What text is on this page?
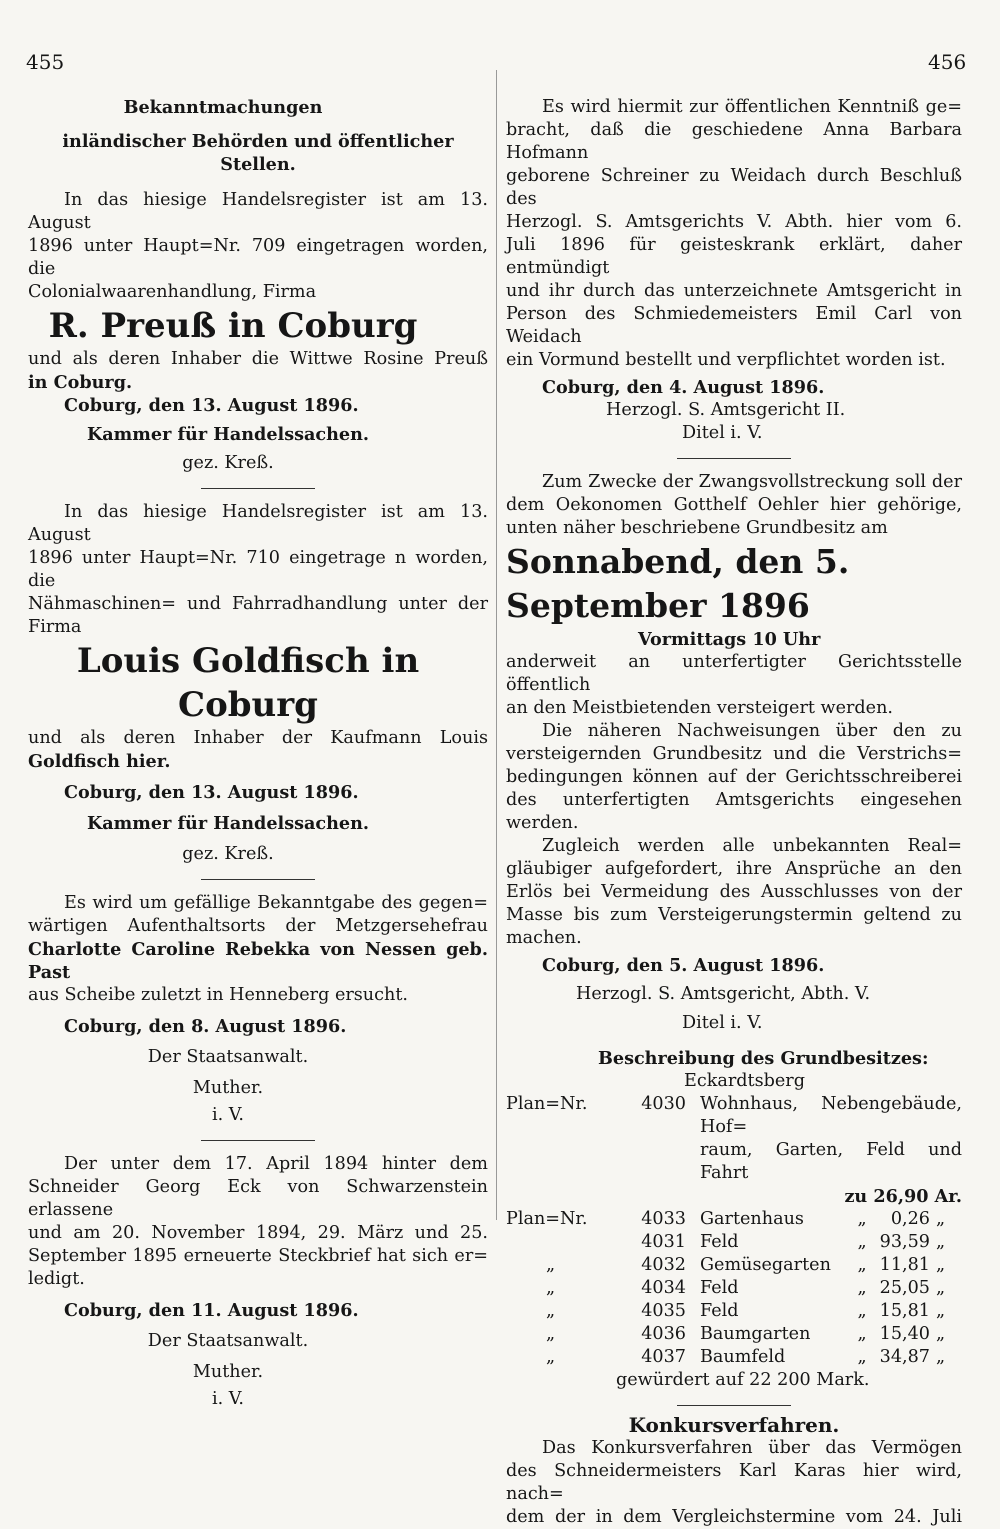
455	456

Bekanntmachungen

inländischer Behörden und öffentlicher Stellen.

In das hiesige Handelsregister ist am 13. August

1896 unter Haupt=Nr. 709 eingetragen worden, die

Colonialwaarenhandlung, Firma

R. Preuß in Coburg

und als deren Inhaber die Wittwe Rosine Preuß

in Coburg.

Coburg, den 13. August 1896.

Kammer für Handelssachen.

gez. Kreß.

In das hiesige Handelsregister ist am 13. August

1896 unter Haupt=Nr. 710 eingetrage n worden, die

Nähmaschinen= und Fahrradhandlung unter der

Firma

Louis Goldfisch in Coburg

und als deren Inhaber der Kaufmann Louis

Goldfisch hier.

Coburg, den 13. August 1896.

Kammer für Handelssachen.

gez. Kreß.

Es wird um gefällige Bekanntgabe des gegen=

wärtigen Aufenthaltsorts der Metzgersehefrau

Charlotte Caroline Rebekka von Nessen geb. Past

aus Scheibe zuletzt in Henneberg ersucht.

Coburg, den 8. August 1896.

Der Staatsanwalt.

Muther.

i. V.

Der unter dem 17. April 1894 hinter dem

Schneider Georg Eck von Schwarzenstein erlassene

und am 20. November 1894, 29. März und 25.

September 1895 erneuerte Steckbrief hat sich er=

ledigt.

Coburg, den 11. August 1896.

Der Staatsanwalt.

Muther.

i. V.

Es wird hiermit zur öffentlichen Kenntniß ge=

bracht, daß die geschiedene Anna Barbara Hofmann

geborene Schreiner zu Weidach durch Beschluß des

Herzogl. S. Amtsgerichts V. Abth. hier vom 6.

Juli 1896 für geisteskrank erklärt, daher entmündigt

und ihr durch das unterzeichnete Amtsgericht in

Person des Schmiedemeisters Emil Carl von Weidach

ein Vormund bestellt und verpflichtet worden ist.

Coburg, den 4. August 1896.

Herzogl. S. Amtsgericht II.

Ditel i. V.

Zum Zwecke der Zwangsvollstreckung soll der

dem Oekonomen Gotthelf Oehler hier gehörige,

unten näher beschriebene Grundbesitz am

Sonnabend, den 5. September 1896

Vormittags 10 Uhr

anderweit an unterfertigter Gerichtsstelle öffentlich

an den Meistbietenden versteigert werden.

Die näheren Nachweisungen über den zu

versteigernden Grundbesitz und die Verstrichs=

bedingungen können auf der Gerichtsschreiberei

des unterfertigten Amtsgerichts eingesehen werden.

Zugleich werden alle unbekannten Real=

gläubiger aufgefordert, ihre Ansprüche an den

Erlös bei Vermeidung des Ausschlusses von der

Masse bis zum Versteigerungstermin geltend zu

machen.

Coburg, den 5. August 1896.

Herzogl. S. Amtsgericht, Abth. V.

Ditel i. V.

Beschreibung des Grundbesitzes:

Eckardtsberg

Plan=Nr.	4030	Wohnhaus, Nebengebäude, Hof=
raum, Garten, Feld und Fahrt
zu 26,90 Ar.			

Plan=Nr.	4033	Gartenhaus	„	0,26	„
	4031	Feld	„	93,59	„
„	4032	Gemüsegarten	„	11,81	„
„	4034	Feld	„	25,05	„
„	4035	Feld	„	15,81	„
„	4036	Baumgarten	„	15,40	„
„	4037	Baumfeld	„	34,87	„

gewürdert auf 22 200 Mark.

Konkursverfahren.

Das Konkursverfahren über das Vermögen

des Schneidermeisters Karl Karas hier wird, nach=

dem der in dem Vergleichstermine vom 24. Juli
